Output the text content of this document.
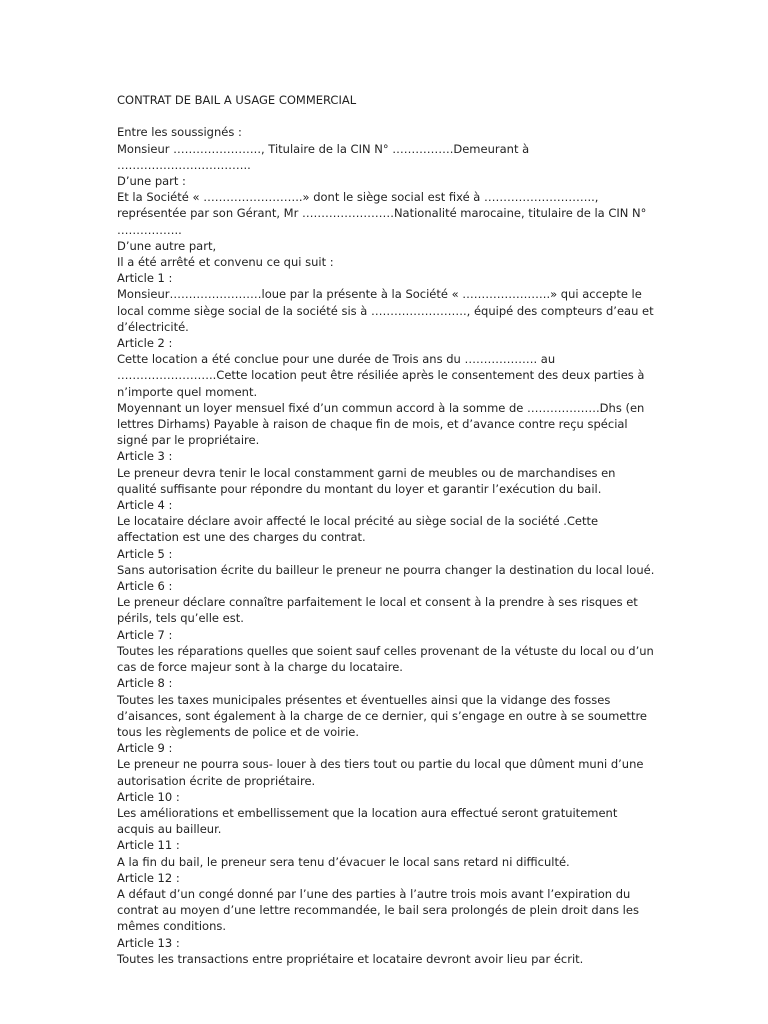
CONTRAT DE BAIL A USAGE COMMERCIAL

Entre les soussignés :

Monsieur ………………….., Titulaire de la CIN N° …………….Demeurant à ……………………………..

D’une part :

Et la Société « ……………………..» dont le siège social est fixé à ………………………..,

représentée par son Gérant, Mr ……………………Nationalité marocaine, titulaire de la CIN N° ……………..

D’une autre part,

Il a été arrêté et convenu ce qui suit :

Article 1 :

Monsieur……………………loue par la présente à la Société « …………………..» qui accepte le local comme siège social de la société sis à ……………………., équipé des compteurs d’eau et d’électricité.

Article 2 :

Cette location a été conclue pour une durée de Trois ans du ………………. au ……………………..Cette location peut être résiliée après le consentement des deux parties à n’importe quel moment.

Moyennant un loyer mensuel fixé d’un commun accord à la somme de ……………….Dhs (en lettres Dirhams) Payable à raison de chaque fin de mois, et d’avance contre reçu spécial signé par le propriétaire.

Article 3 :

Le preneur devra tenir le local constamment garni de meubles ou de marchandises en qualité suffisante pour répondre du montant du loyer et garantir l’exécution du bail.

Article 4 :

Le locataire déclare avoir affecté le local précité au siège social de la société .Cette affectation est une des charges du contrat.

Article 5 :

Sans autorisation écrite du bailleur le preneur ne pourra changer la destination du local loué.

Article 6 :

Le preneur déclare connaître parfaitement le local et consent à la prendre à ses risques et périls, tels qu’elle est.

Article 7 :

Toutes les réparations quelles que soient sauf celles provenant de la vétuste du local ou d’un cas de force majeur sont à la charge du locataire.

Article 8 :

Toutes les taxes municipales présentes et éventuelles ainsi que la vidange des fosses d’aisances, sont également à la charge de ce dernier, qui s’engage en outre à se soumettre tous les règlements de police et de voirie.

Article 9 :

Le preneur ne pourra sous- louer à des tiers tout ou partie du local que dûment muni d’une autorisation écrite de propriétaire.

Article 10 :

Les améliorations et embellissement que la location aura effectué seront gratuitement acquis au bailleur.

Article 11 :

A la fin du bail, le preneur sera tenu d’évacuer le local sans retard ni difficulté.

Article 12 :

A défaut d’un congé donné par l’une des parties à l’autre trois mois avant l’expiration du contrat au moyen d’une lettre recommandée, le bail sera prolongés de plein droit dans les mêmes conditions.

Article 13 :

Toutes les transactions entre propriétaire et locataire devront avoir lieu par écrit.
